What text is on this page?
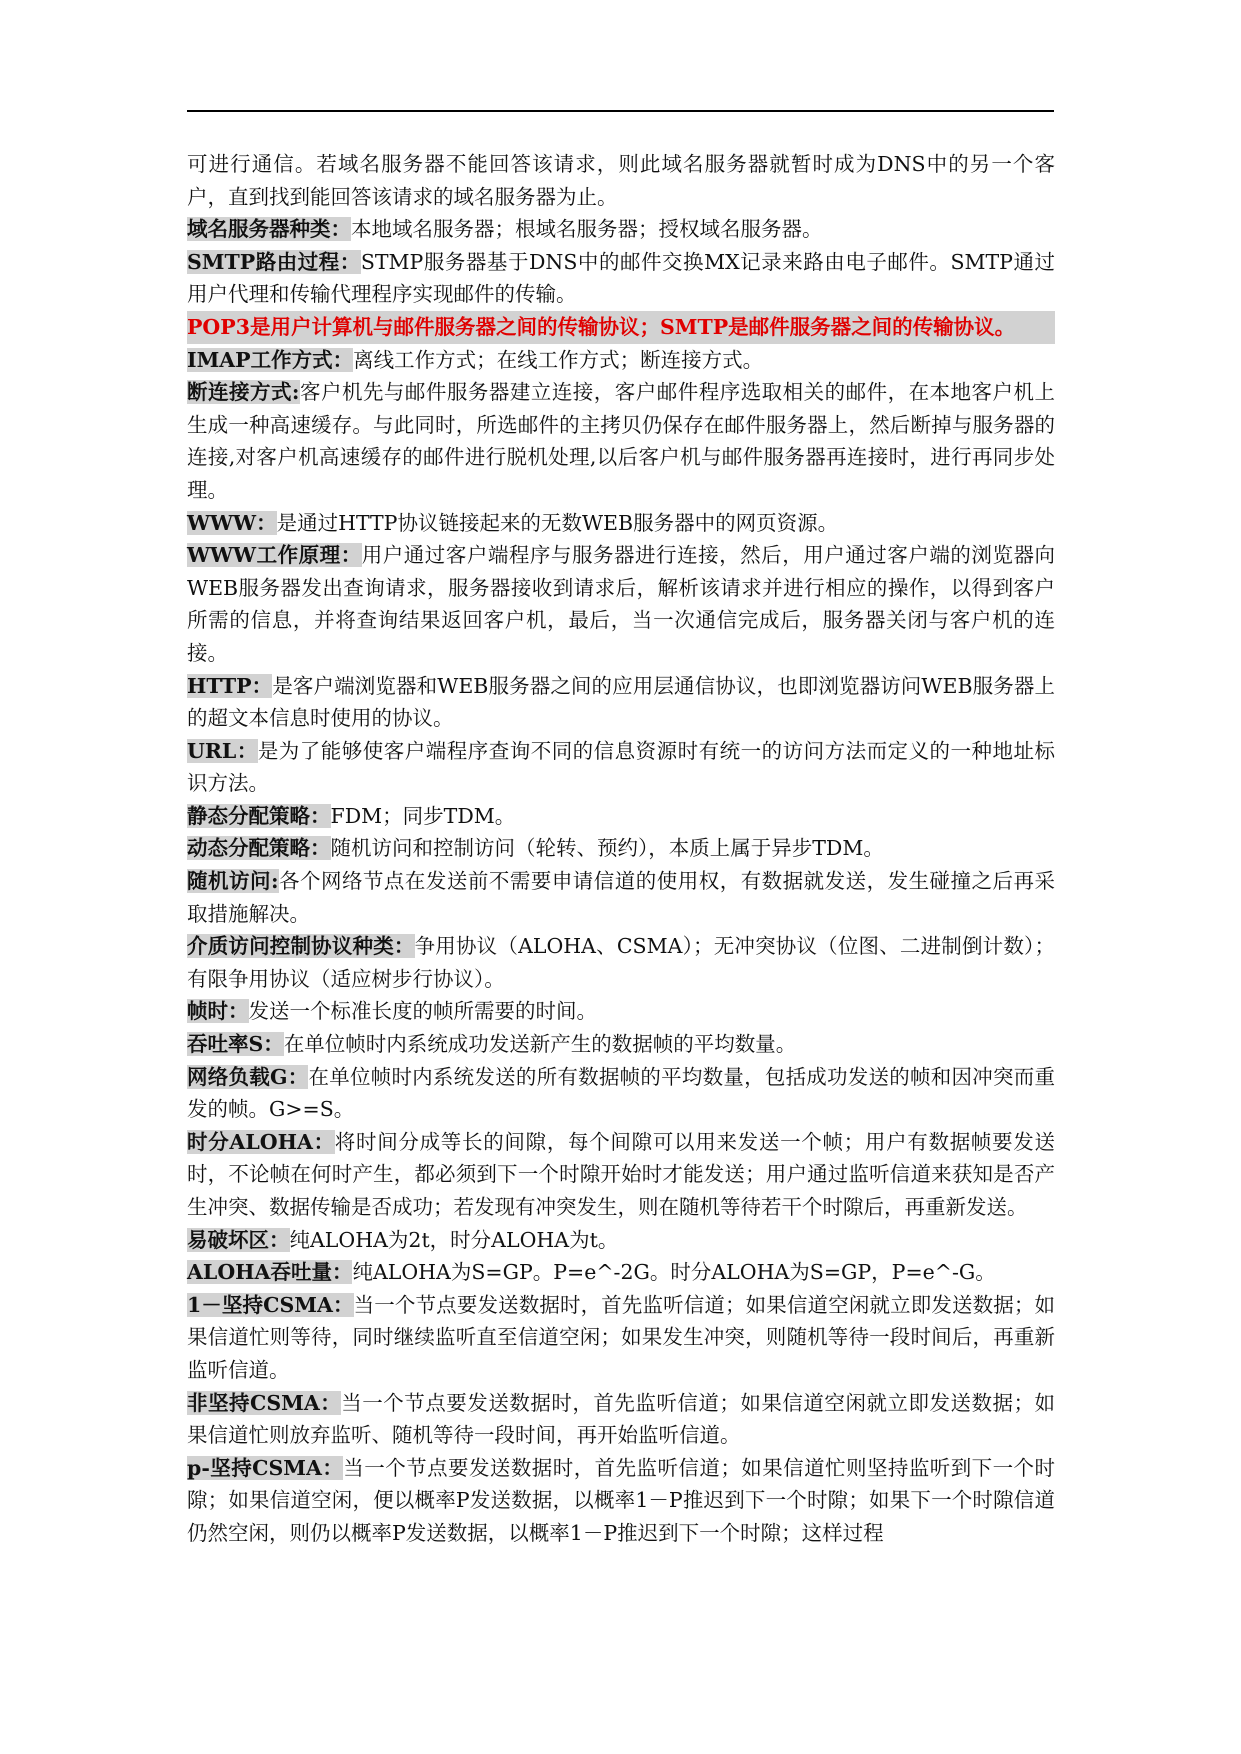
可进行通信。若域名服务器不能回答该请求，则此域名服务器就暂时成为DNS中的另一个客户，直到找到能回答该请求的域名服务器为止。

域名服务器种类：本地域名服务器；根域名服务器；授权域名服务器。

SMTP路由过程：STMP服务器基于DNS中的邮件交换MX记录来路由电子邮件。SMTP通过用户代理和传输代理程序实现邮件的传输。

POP3是用户计算机与邮件服务器之间的传输协议；SMTP是邮件服务器之间的传输协议。

IMAP工作方式：离线工作方式；在线工作方式；断连接方式。

断连接方式:客户机先与邮件服务器建立连接，客户邮件程序选取相关的邮件，在本地客户机上生成一种高速缓存。与此同时，所选邮件的主拷贝仍保存在邮件服务器上，然后断掉与服务器的连接,对客户机高速缓存的邮件进行脱机处理,以后客户机与邮件服务器再连接时，进行再同步处理。

WWW：是通过HTTP协议链接起来的无数WEB服务器中的网页资源。

WWW工作原理：用户通过客户端程序与服务器进行连接，然后，用户通过客户端的浏览器向WEB服务器发出查询请求，服务器接收到请求后，解析该请求并进行相应的操作，以得到客户所需的信息，并将查询结果返回客户机，最后，当一次通信完成后，服务器关闭与客户机的连接。

HTTP：是客户端浏览器和WEB服务器之间的应用层通信协议，也即浏览器访问WEB服务器上的超文本信息时使用的协议。

URL：是为了能够使客户端程序查询不同的信息资源时有统一的访问方法而定义的一种地址标识方法。

静态分配策略：FDM；同步TDM。

动态分配策略：随机访问和控制访问（轮转、预约），本质上属于异步TDM。

随机访问:各个网络节点在发送前不需要申请信道的使用权，有数据就发送，发生碰撞之后再采取措施解决。

介质访问控制协议种类：争用协议（ALOHA、CSMA）；无冲突协议（位图、二进制倒计数）；有限争用协议（适应树步行协议）。

帧时：发送一个标准长度的帧所需要的时间。

吞吐率S：在单位帧时内系统成功发送新产生的数据帧的平均数量。

网络负载G：在单位帧时内系统发送的所有数据帧的平均数量，包括成功发送的帧和因冲突而重发的帧。G>=S。

时分ALOHA：将时间分成等长的间隙，每个间隙可以用来发送一个帧；用户有数据帧要发送时，不论帧在何时产生，都必须到下一个时隙开始时才能发送；用户通过监听信道来获知是否产生冲突、数据传输是否成功；若发现有冲突发生，则在随机等待若干个时隙后，再重新发送。

易破坏区：纯ALOHA为2t，时分ALOHA为t。

ALOHA吞吐量：纯ALOHA为S=GP。P=e^-2G。时分ALOHA为S=GP，P=e^-G。

1－坚持CSMA：当一个节点要发送数据时，首先监听信道；如果信道空闲就立即发送数据；如果信道忙则等待，同时继续监听直至信道空闲；如果发生冲突，则随机等待一段时间后，再重新监听信道。

非坚持CSMA：当一个节点要发送数据时，首先监听信道；如果信道空闲就立即发送数据；如果信道忙则放弃监听、随机等待一段时间，再开始监听信道。

p-坚持CSMA：当一个节点要发送数据时，首先监听信道；如果信道忙则坚持监听到下一个时隙；如果信道空闲，便以概率P发送数据，以概率1－P推迟到下一个时隙；如果下一个时隙信道仍然空闲，则仍以概率P发送数据，以概率1－P推迟到下一个时隙；这样过程
